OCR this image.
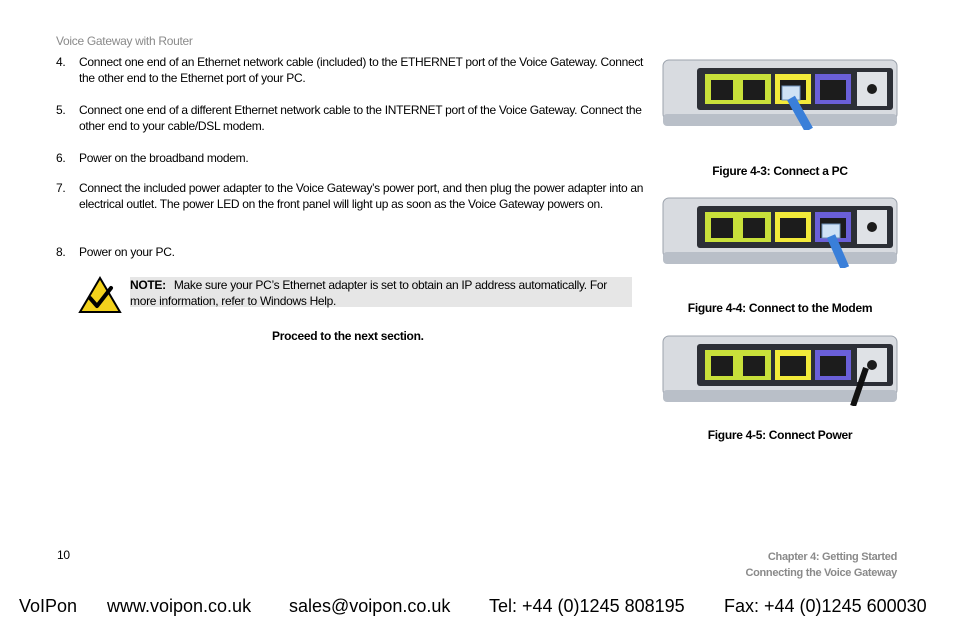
Voice Gateway with Router
4.	Connect one end of an Ethernet network cable (included) to the ETHERNET port of the Voice Gateway. Connect the other end to the Ethernet port of your PC.
5.	Connect one end of a different Ethernet network cable to the INTERNET port of the Voice Gateway. Connect the other end to your cable/DSL modem.
6.	Power on the broadband modem.
7.	Connect the included power adapter to the Voice Gateway’s power port, and then plug the power adapter into an electrical outlet. The power LED on the front panel will light up as soon as the Voice Gateway powers on.
8.	Power on your PC.
NOTE: Make sure your PC’s Ethernet adapter is set to obtain an IP address automatically. For more information, refer to Windows Help.
Proceed to the next section.
Figure 4-3: Connect a PC
Figure 4-4: Connect to the Modem
Figure 4-5: Connect Power
10	Chapter 4: Getting Started
Connecting the Voice Gateway
VoIPon www.voipon.co.uk sales@voipon.co.uk Tel: +44 (0)1245 808195 Fax: +44 (0)1245 600030
